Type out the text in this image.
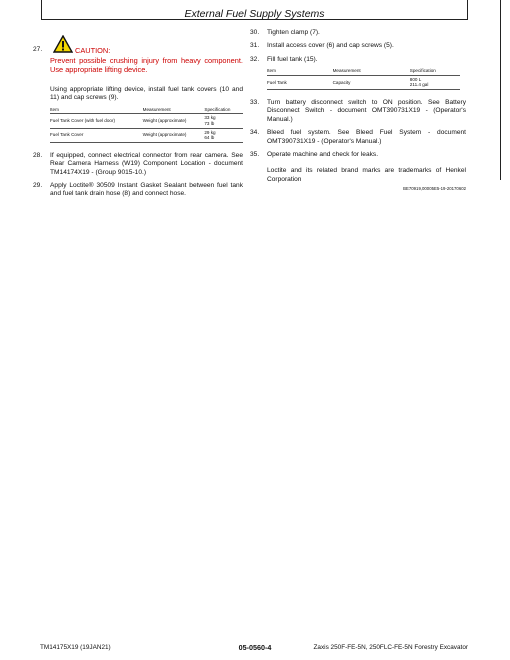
External Fuel Supply Systems
27.	CAUTION:
Prevent possible crushing injury from heavy component. Use appropriate lifting device.
Using appropriate lifting device, install fuel tank covers (10 and 11) and cap screws (9).
Item	Measurement	Specification
Fuel Tank Cover (with fuel door)	Weight (approximate)	33 kg
73 lb

Fuel Tank Cover	Weight (approximate)	29 kg
64 lb
28. If equipped, connect electrical connector from rear camera. See Rear Camera Harness (W19) Component Location - document TM14174X19 - (Group 9015-10.)
29. Apply Loctite® 30509 Instant Gasket Sealant between fuel tank and fuel tank drain hose (8) and connect hose.
30. Tighten clamp (7).
31. Install access cover (6) and cap screws (5).
32. Fill fuel tank (15).
Item	Measurement	Specification
Fuel Tank	Capacity	800 L
211.4 gal
33. Turn battery disconnect switch to ON position. See Battery Disconnect Switch - document OMT390731X19 - (Operator's Manual.)
34. Bleed fuel system. See Bleed Fuel System - document OMT390731X19 - (Operator's Manual.)
35. Operate machine and check for leaks.
Loctite and its related brand marks are trademarks of Henkel Corporation
BE70919,00005E5-19-20170602
TM14175X19 (19JAN21)	05-0560-4	Zaxis 250F-FE-5N, 250FLC-FE-5N Forestry Excavator
